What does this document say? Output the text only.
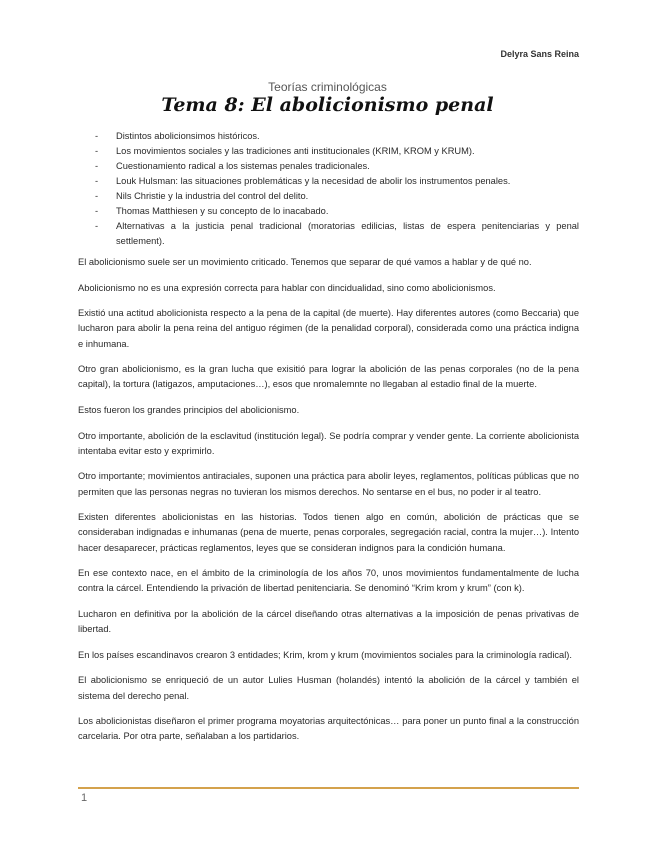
Delyra Sans Reina
Teorías criminológicas
Tema 8: El abolicionismo penal
- Distintos abolicionsimos históricos.
- Los movimientos sociales y las tradiciones anti institucionales (KRIM, KROM y KRUM).
- Cuestionamiento radical a los sistemas penales tradicionales.
- Louk Hulsman: las situaciones problemáticas y la necesidad de abolir los instrumentos penales.
- Nils Christie y la industria del control del delito.
- Thomas Matthiesen y su concepto de lo inacabado.
- Alternativas a la justicia penal tradicional (moratorias edilicias, listas de espera penitenciarias y penal settlement).

El abolicionismo suele ser un movimiento criticado. Tenemos que separar de qué vamos a hablar y de qué no.

Abolicionismo no es una expresión correcta para hablar con dincidualidad, sino como abolicionismos.

Existió una actitud abolicionista respecto a la pena de la capital (de muerte). Hay diferentes autores (como Beccaria) que lucharon para abolir la pena reina del antiguo régimen (de la penalidad corporal), considerada como una práctica indigna e inhumana.

Otro gran abolicionismo, es la gran lucha que exisitió para lograr la abolición de las penas corporales (no de la pena capital), la tortura (latigazos, amputaciones…), esos que nromalemnte no llegaban al estadio final de la muerte.

Estos fueron los grandes principios del abolicionismo.

Otro importante, abolición de la esclavitud (institución legal). Se podría comprar y vender gente. La corriente abolicionista intentaba evitar esto y exprimirlo.

Otro importante; movimientos antiraciales, suponen una práctica para abolir leyes, reglamentos, políticas públicas que no permiten que las personas negras no tuvieran los mismos derechos. No sentarse en el bus, no poder ir al teatro.

Existen diferentes abolicionistas en las historias. Todos tienen algo en común, abolición de prácticas que se consideraban indignadas e inhumanas (pena de muerte, penas corporales, segregación racial, contra la mujer…). Intento hacer desaparecer, prácticas reglamentos, leyes que se consideran indignos para la condición humana.

En ese contexto nace, en el ámbito de la criminología de los años 70, unos movimientos fundamentalmente de lucha contra la cárcel. Entendiendo la privación de libertad penitenciaria. Se denominó “Krim krom y krum” (con k).

Lucharon en definitiva por la abolición de la cárcel diseñando otras alternativas a la imposición de penas privativas de libertad.

En los países escandinavos crearon 3 entidades; Krim, krom y krum (movimientos sociales para la criminología radical).

El abolicionismo se enriqueció de un autor Lulies Husman (holandés) intentó la abolición de la cárcel y también el sistema del derecho penal.

Los abolicionistas diseñaron el primer programa moyatorias arquitectónicas… para poner un punto final a la construcción carcelaria. Por otra parte, señalaban a los partidarios.

1
